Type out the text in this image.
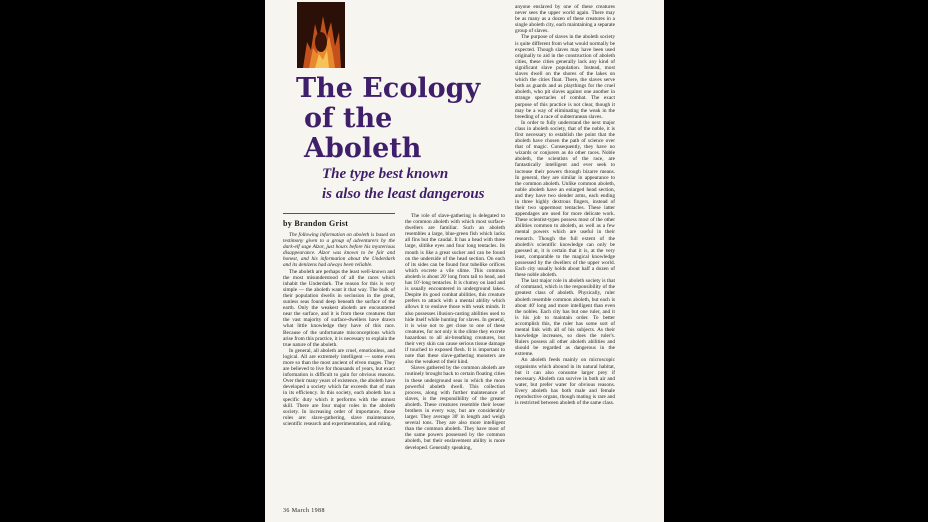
The Ecology
of the
Aboleth
The type best known
is also the least dangerous
by Brandon Grist

The following information on aboleth is based on testimony given to a group of adventurers by the dark-elf sage Alzor, just hours before his mysterious disappearance. Alzor was known to be fair and honest, and his information about the Underdark and its denizens had always been reliable.

The aboleth are perhaps the least well-known and the most misunderstood of all the races which inhabit the Underdark. The reason for this is very simple — the aboleth want it that way. The bulk of their population dwells in seclusion in the great, sunless seas found deep beneath the surface of the earth. Only the weakest aboleth are encountered near the surface, and it is from these creatures that the vast majority of surface-dwellers have drawn what little knowledge they have of this race. Because of the unfortunate misconceptions which arise from this practice, it is necessary to explain the true nature of the aboleth.

In general, all aboleth are cruel, emotionless, and logical. All are extremely intelligent — some even more so than the most ancient of elven mages. They are believed to live for thousands of years, but exact information is difficult to gain for obvious reasons. Over their many years of existence, the aboleth have developed a society which far exceeds that of man in its efficiency. In this society, each aboleth has a specific duty which it performs with the utmost skill. There are four major roles in the aboleth society. In increasing order of importance, those roles are: slave-gathering, slave maintenance, scientific research and experimentation, and ruling.

The role of slave-gathering is delegated to the common aboleth with which most surface-dwellers are familiar. Such an aboleth resembles a large, blue-green fish which lacks all fins but the caudal. It has a head with three large, slitlike eyes and four long tentacles. Its mouth is like a great sucker and can be found on the underside of the head section. On each of its sides can be found four tubelike orifices which excrete a vile slime. This common aboleth is about 20' long from tail to head, and has 10'-long tentacles. It is clumsy on land and is usually encountered in underground lakes. Despite its good combat abilities, this creature prefers to attack with a mental ability which allows it to enslave those with weak minds. It also possesses illusion-casting abilities used to hide itself while hunting for slaves. In general, it is wise not to get close to one of these creatures, for not only is the slime they excrete hazardous to all air-breathing creatures, but their very skin can cause serious tissue damage if touched to exposed flesh. It is important to note that these slave-gathering monsters are also the weakest of their kind.

Slaves gathered by the common aboleth are routinely brought back to certain floating cities in these underground seas in which the more powerful aboleth dwell. This collection process, along with further maintenance of slaves, is the responsibility of the greater aboleth. These creatures resemble their lesser brothers in every way, but are considerably larger. They average 30' in length and weigh several tons. They are also more intelligent than the common aboleth. They have most of the same powers possessed by the common aboleth, but their enslavement ability is more developed. Generally speaking,

anyone enslaved by one of these creatures never sees the upper world again. There may be as many as a dozen of these creatures in a single aboleth city, each maintaining a separate group of slaves.

The purpose of slaves in the aboleth society is quite different from what would normally be expected. Though slaves may have been used originally to aid in the construction of aboleth cities, these cities generally lack any kind of significant slave population. Instead, most slaves dwell on the shores of the lakes on which the cities float. There, the slaves serve both as guards and as playthings for the cruel aboleth, who pit slaves against one another in strange spectacles of combat. The exact purpose of this practice is not clear, though it may be a way of eliminating the weak in the breeding of a race of subterranean slaves.

In order to fully understand the next major class in aboleth society, that of the noble, it is first necessary to establish the point that the aboleth have chosen the path of science over that of magic. Consequently, they have no wizards or conjurers as do other races. Noble aboleth, the scientists of the race, are fantastically intelligent and ever seek to increase their powers through bizarre means. In general, they are similar in appearance to the common aboleth. Unlike common aboleth, noble aboleth have an enlarged head section, and they have two slender arms, each ending in three highly dextrous fingers, instead of their two uppermost tentacles. These latter appendages are used for more delicate work. These scientist-types possess most of the other abilities common to aboleth, as well as a few mental powers which are useful in their research. Though the full extent of the aboleth's scientific knowledge can only be guessed at, it is certain that it is, at the very least, comparable to the magical knowledge possessed by the dwellers of the upper world. Each city usually holds about half a dozen of these noble aboleth.

The last major role in aboleth society is that of command, which is the responsibility of the greatest class of aboleth. Physically, ruler aboleth resemble common aboleth, but each is about 40' long and more intelligent than even the nobles. Each city has but one ruler, and it is his job to maintain order. To better accomplish this, the ruler has some sort of mental link with all of his subjects. As their knowledge increases, so does the ruler's. Rulers possess all other aboleth abilities and should be regarded as dangerous in the extreme.

An aboleth feeds mainly on microscopic organisms which abound in its natural habitat, but it can also consume larger prey if necessary. Aboleth can survive in both air and water, but prefer water for obvious reasons. Every aboleth has both male and female reproductive organs, though mating is rare and is restricted between aboleth of the same class.

36 March 1988
